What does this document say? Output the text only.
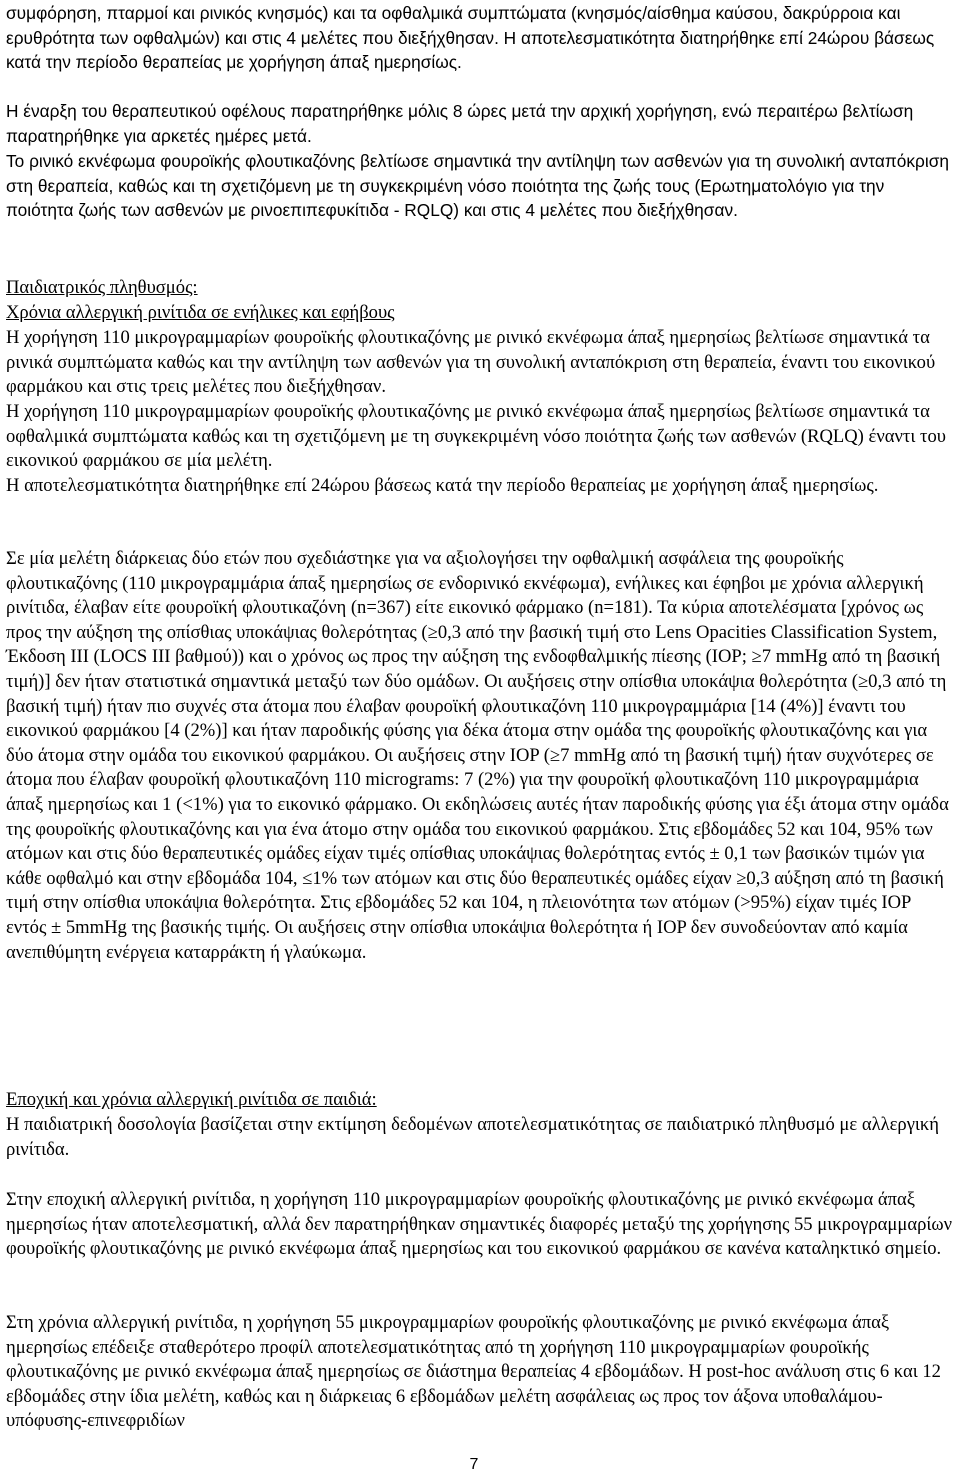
συμφόρηση, πταρμοί και ρινικός κνησμός) και τα οφθαλμικά συμπτώματα (κνησμός/αίσθημα καύσου, δακρύρροια και ερυθρότητα των οφθαλμών) και στις 4 μελέτες που διεξήχθησαν. Η αποτελεσματικότητα διατηρήθηκε επί 24ώρου βάσεως κατά την περίοδο θεραπείας με χορήγηση άπαξ ημερησίως.

Η έναρξη του θεραπευτικού οφέλους παρατηρήθηκε μόλις 8 ώρες μετά την αρχική χορήγηση, ενώ περαιτέρω βελτίωση παρατηρήθηκε για αρκετές ημέρες μετά.

Το ρινικό εκνέφωμα φουροϊκής φλουτικαζόνης βελτίωσε σημαντικά την αντίληψη των ασθενών για τη συνολική ανταπόκριση στη θεραπεία, καθώς και τη σχετιζόμενη με τη συγκεκριμένη νόσο ποιότητα της ζωής τους (Ερωτηματολόγιο για την ποιότητα ζωής των ασθενών με ρινοεπιπεφυκίτιδα - RQLQ) και στις 4 μελέτες που διεξήχθησαν.

Παιδιατρικός πληθυσμός:

Χρόνια αλλεργική ρινίτιδα σε ενήλικες και εφήβους

Η χορήγηση 110 μικρογραμμαρίων φουροϊκής φλουτικαζόνης με ρινικό εκνέφωμα άπαξ ημερησίως βελτίωσε σημαντικά τα ρινικά συμπτώματα καθώς και την αντίληψη των ασθενών για τη συνολική ανταπόκριση στη θεραπεία, έναντι του εικονικού φαρμάκου και στις τρεις μελέτες που διεξήχθησαν.

Η χορήγηση 110 μικρογραμμαρίων φουροϊκής φλουτικαζόνης με ρινικό εκνέφωμα άπαξ ημερησίως βελτίωσε σημαντικά τα οφθαλμικά συμπτώματα καθώς και τη σχετιζόμενη με τη συγκεκριμένη νόσο ποιότητα ζωής των ασθενών (RQLQ) έναντι του εικονικού φαρμάκου σε μία μελέτη.

Η αποτελεσματικότητα διατηρήθηκε επί 24ώρου βάσεως κατά την περίοδο θεραπείας με χορήγηση άπαξ ημερησίως.

Σε μία μελέτη διάρκειας δύο ετών που σχεδιάστηκε για να αξιολογήσει την οφθαλμική ασφάλεια της φουροϊκής φλουτικαζόνης (110 μικρογραμμάρια άπαξ ημερησίως σε ενδορινικό εκνέφωμα), ενήλικες και έφηβοι με χρόνια αλλεργική ρινίτιδα, έλαβαν είτε φουροϊκή φλουτικαζόνη (n=367) είτε εικονικό φάρμακο (n=181). Τα κύρια αποτελέσματα [χρόνος ως προς την αύξηση της οπίσθιας υποκάψιας θολερότητας (≥0,3 από την βασική τιμή στο Lens Opacities Classification System, Έκδοση III (LOCS III βαθμού)) και ο χρόνος ως προς την αύξηση της ενδοφθαλμικής πίεσης (IOP; ≥7 mmHg από τη βασική τιμή)] δεν ήταν στατιστικά σημαντικά μεταξύ των δύο ομάδων. Οι αυξήσεις στην οπίσθια υποκάψια θολερότητα (≥0,3 από τη βασική τιμή) ήταν πιο συχνές στα άτομα που έλαβαν φουροϊκή φλουτικαζόνη 110 μικρογραμμάρια [14 (4%)] έναντι του εικονικού φαρμάκου [4 (2%)] και ήταν παροδικής φύσης για δέκα άτομα στην ομάδα της φουροϊκής φλουτικαζόνης και για δύο άτομα στην ομάδα του εικονικού φαρμάκου. Οι αυξήσεις στην IOP (≥7 mmHg από τη βασική τιμή) ήταν συχνότερες σε άτομα που έλαβαν φουροϊκή φλουτικαζόνη 110 micrograms: 7 (2%) για την φουροϊκή φλουτικαζόνη 110 μικρογραμμάρια άπαξ ημερησίως και 1 (<1%) για το εικονικό φάρμακο. Οι εκδηλώσεις αυτές ήταν παροδικής φύσης για έξι άτομα στην ομάδα της φουροϊκής φλουτικαζόνης και για ένα άτομο στην ομάδα του εικονικού φαρμάκου. Στις εβδομάδες 52 και 104, 95% των ατόμων και στις δύο θεραπευτικές ομάδες είχαν τιμές οπίσθιας υποκάψιας θολερότητας εντός ± 0,1 των βασικών τιμών για κάθε οφθαλμό και στην εβδομάδα 104, ≤1% των ατόμων και στις δύο θεραπευτικές ομάδες είχαν ≥0,3 αύξηση από τη βασική τιμή στην οπίσθια υποκάψια θολερότητα. Στις εβδομάδες 52 και 104, η πλειονότητα των ατόμων (>95%) είχαν τιμές IOP εντός ± 5mmHg της βασικής τιμής. Οι αυξήσεις στην οπίσθια υποκάψια θολερότητα ή IOP δεν συνοδεύονταν από καμία ανεπιθύμητη ενέργεια καταρράκτη ή γλαύκωμα.

Εποχική και χρόνια αλλεργική ρινίτιδα σε παιδιά:

Η παιδιατρική δοσολογία βασίζεται στην εκτίμηση δεδομένων αποτελεσματικότητας σε παιδιατρικό πληθυσμό με αλλεργική ρινίτιδα.

Στην εποχική αλλεργική ρινίτιδα, η χορήγηση 110 μικρογραμμαρίων φουροϊκής φλουτικαζόνης με ρινικό εκνέφωμα άπαξ ημερησίως ήταν αποτελεσματική, αλλά δεν παρατηρήθηκαν σημαντικές διαφορές μεταξύ της χορήγησης 55 μικρογραμμαρίων φουροϊκής φλουτικαζόνης με ρινικό εκνέφωμα άπαξ ημερησίως και του εικονικού φαρμάκου σε κανένα καταληκτικό σημείο.

Στη χρόνια αλλεργική ρινίτιδα, η χορήγηση 55 μικρογραμμαρίων φουροϊκής φλουτικαζόνης με ρινικό εκνέφωμα άπαξ ημερησίως επέδειξε σταθερότερο προφίλ αποτελεσματικότητας από τη χορήγηση 110 μικρογραμμαρίων φουροϊκής φλουτικαζόνης με ρινικό εκνέφωμα άπαξ ημερησίως σε διάστημα θεραπείας 4 εβδομάδων. Η post-hoc ανάλυση στις 6 και 12 εβδομάδες στην ίδια μελέτη, καθώς και η διάρκειας 6 εβδομάδων μελέτη ασφάλειας ως προς τον άξονα υποθαλάμου-υπόφυσης-επινεφριδίων

7
